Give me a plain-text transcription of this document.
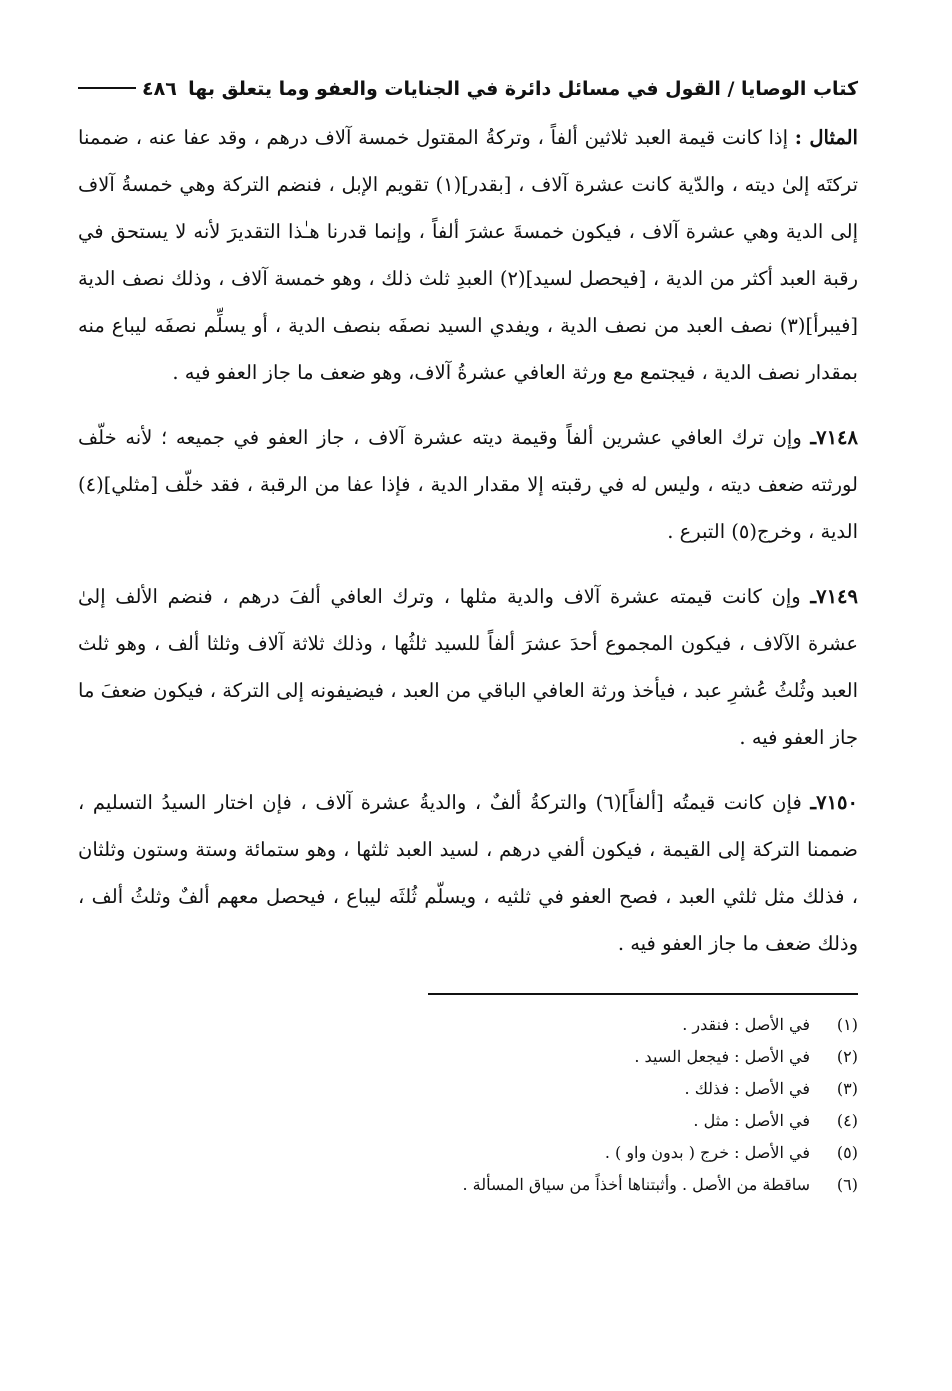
كتاب الوصايا / القول في مسائل دائرة في الجنايات والعفو وما يتعلق بها
٤٨٦

المثال : إذا كانت قيمة العبد ثلاثين ألفاً ، وتركةُ المقتول خمسة آلاف درهم ، وقد عفا عنه ، ضممنا تركتَه إلىٰ ديته ، والدّية كانت عشرة آلاف ، [بقدر](١) تقويم الإبل ، فنضم التركة وهي خمسةُ آلاف إلى الدية وهي عشرة آلاف ، فيكون خمسةَ عشرَ ألفاً ، وإنما قدرنا هـٰذا التقديرَ لأنه لا يستحق في رقبة العبد أكثر من الدية ، [فيحصل لسيد](٢) العبدِ ثلث ذلك ، وهو خمسة آلاف ، وذلك نصف الدية [فيبرأ](٣) نصف العبد من نصف الدية ، ويفدي السيد نصفَه بنصف الدية ، أو يسلِّم نصفَه ليباع منه بمقدار نصف الدية ، فيجتمع مع ورثة العافي عشرةُ آلاف، وهو ضعف ما جاز العفو فيه .

٧١٤٨ـ وإن ترك العافي عشرين ألفاً وقيمة ديته عشرة آلاف ، جاز العفو في جميعه ؛ لأنه خلّف لورثته ضعف ديته ، وليس له في رقبته إلا مقدار الدية ، فإذا عفا من الرقبة ، فقد خلّف [مثلي](٤) الدية ، وخرج(٥) التبرع .

٧١٤٩ـ وإن كانت قيمته عشرة آلاف والدية مثلها ، وترك العافي ألفَ درهم ، فنضم الألف إلىٰ عشرة الآلاف ، فيكون المجموع أحدَ عشرَ ألفاً للسيد ثلثُها ، وذلك ثلاثة آلاف وثلثا ألف ، وهو ثلث العبد وثُلثُ عُشرِ عبد ، فيأخذ ورثة العافي الباقي من العبد ، فيضيفونه إلى التركة ، فيكون ضعفَ ما جاز العفو فيه .

٧١٥٠ـ فإن كانت قيمتُه [ألفاً](٦) والتركةُ ألفٌ ، والديةُ عشرة آلاف ، فإن اختار السيدُ التسليم ، ضممنا التركة إلى القيمة ، فيكون ألفي درهم ، لسيد العبد ثلثها ، وهو ستمائة وستة وستون وثلثان ، فذلك مثل ثلثي العبد ، فصح العفو في ثلثيه ، ويسلّم ثُلثَه ليباع ، فيحصل معهم ألفٌ وثلثُ ألف ، وذلك ضعف ما جاز العفو فيه .

(١)
في الأصل : فنقدر .

(٢)
في الأصل : فيجعل السيد .

(٣)
في الأصل : فذلك .

(٤)
في الأصل : مثل .

(٥)
في الأصل : خرج ( بدون واو ) .

(٦)
ساقطة من الأصل . وأثبتناها أخذاً من سياق المسألة .
